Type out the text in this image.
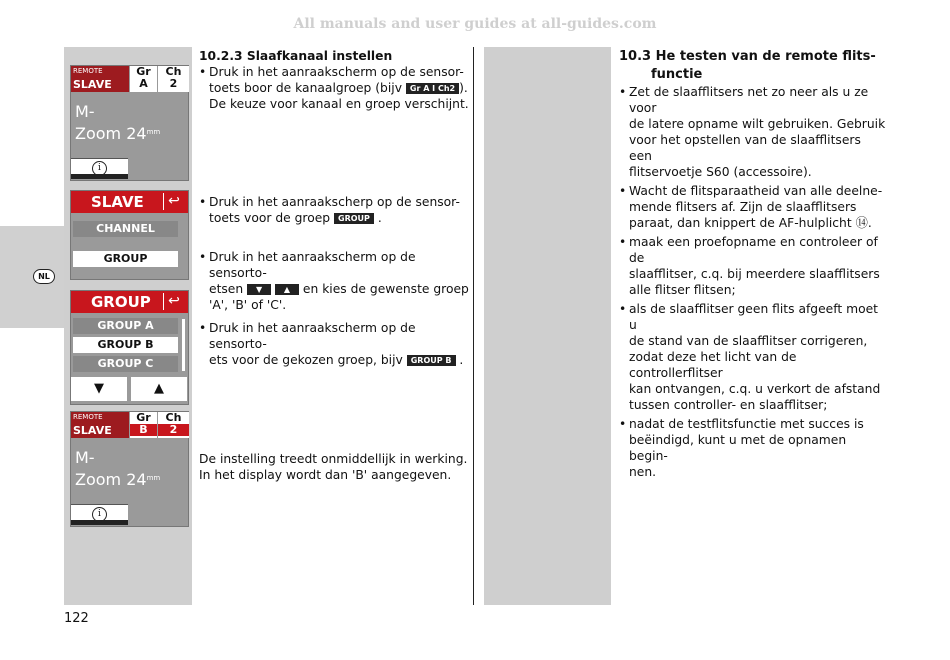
All manuals and user guides at all-guides.com
NL
REMOTE
SLAVE
Gr
A
Ch
2
M-
Zoom $24^{mm}$
i
SLAVE	↩
CHANNEL
GROUP
GROUP	↩
GROUP A
GROUP B
GROUP C
▼	▲
REMOTE
SLAVE
Gr
B
Ch
2
M-
Zoom $24^{mm}$
i
10.2.3 Slaafkanaal instellen
• Druk in het aanraakscherm op de sensor-
toets boor de kanaalgroep (bijv Gr A I Ch2 ).
De keuze voor kanaal en groep verschijnt.
• Druk in het aanraakscherp op de sensor-
toets voor de groep GROUP .
• Druk in het aanraakscherm op de sensorto-
etsen ▼	▲ en kies de gewenste groep
'A', 'B' of 'C'.
• Druk in het aanraakscherm op de sensorto-
ets voor de gekozen groep, bijv GROUP B .
De instelling treedt onmiddellijk in werking.
In het display wordt dan 'B' aangegeven.
10.3 He testen van de remote flits-
functie
• Zet de slaafflitsers net zo neer als u ze voor
de latere opname wilt gebruiken. Gebruik
voor het opstellen van de slaafflitsers een
flitservoetje S60 (accessoire).
• Wacht de flitsparaatheid van alle deelne-
mende flitsers af. Zijn de slaafflitsers
paraat, dan knippert de AF-hulplicht ⑭.
• maak een proefopname en controleer of de
slaafflitser, c.q. bij meerdere slaafflitsers
alle flitser flitsen;
• als de slaafflitser geen flits afgeeft moet u
de stand van de slaafflitser corrigeren,
zodat deze het licht van de controllerflitser
kan ontvangen, c.q. u verkort de afstand
tussen controller- en slaafflitser;
• nadat de testflitsfunctie met succes is
beëindigd, kunt u met de opnamen begin-
nen.
122
